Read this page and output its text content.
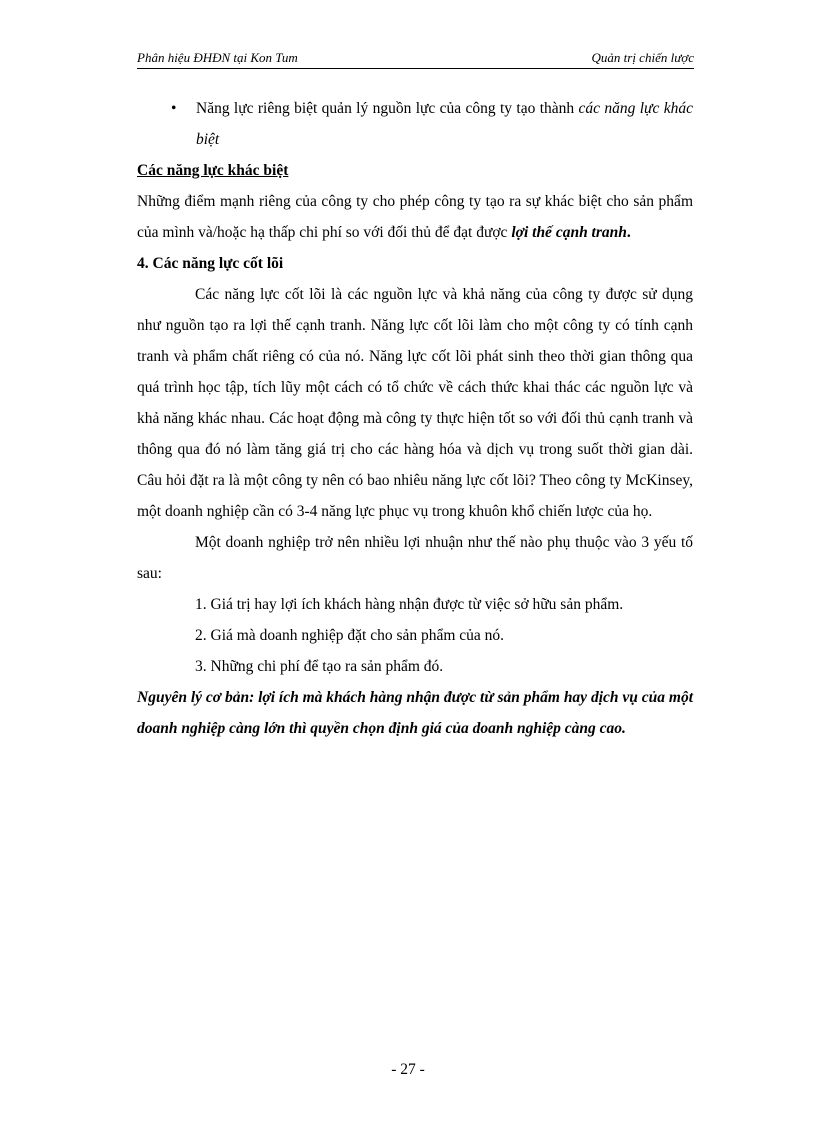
Phân hiệu ĐHĐN tại Kon Tum	Quản trị chiến lược

• Năng lực riêng biệt quản lý nguồn lực của công ty tạo thành các năng lực khác biệt

Các năng lực khác biệt

Những điểm mạnh riêng của công ty cho phép công ty tạo ra sự khác biệt cho sản phẩm của mình và/hoặc hạ thấp chi phí so với đối thủ để đạt được lợi thế cạnh tranh.

4. Các năng lực cốt lõi

Các năng lực cốt lõi là các nguồn lực và khả năng của công ty được sử dụng như nguồn tạo ra lợi thế cạnh tranh. Năng lực cốt lõi làm cho một công ty có tính cạnh tranh và phẩm chất riêng có của nó. Năng lực cốt lõi phát sinh theo thời gian thông qua quá trình học tập, tích lũy một cách có tổ chức về cách thức khai thác các nguồn lực và khả năng khác nhau. Các hoạt động mà công ty thực hiện tốt so với đối thủ cạnh tranh và thông qua đó nó làm tăng giá trị cho các hàng hóa và dịch vụ trong suốt thời gian dài. Câu hỏi đặt ra là một công ty nên có bao nhiêu năng lực cốt lõi? Theo công ty McKinsey, một doanh nghiệp cần có 3-4 năng lực phục vụ trong khuôn khổ chiến lược của họ.

Một doanh nghiệp trở nên nhiều lợi nhuận như thế nào phụ thuộc vào 3 yếu tố sau:

1. Giá trị hay lợi ích khách hàng nhận được từ việc sở hữu sản phẩm.

2. Giá mà doanh nghiệp đặt cho sản phẩm của nó.

3. Những chi phí để tạo ra sản phẩm đó.

Nguyên lý cơ bản: lợi ích mà khách hàng nhận được từ sản phẩm hay dịch vụ của một doanh nghiệp càng lớn thì quyền chọn định giá của doanh nghiệp càng cao.

- 27 -
